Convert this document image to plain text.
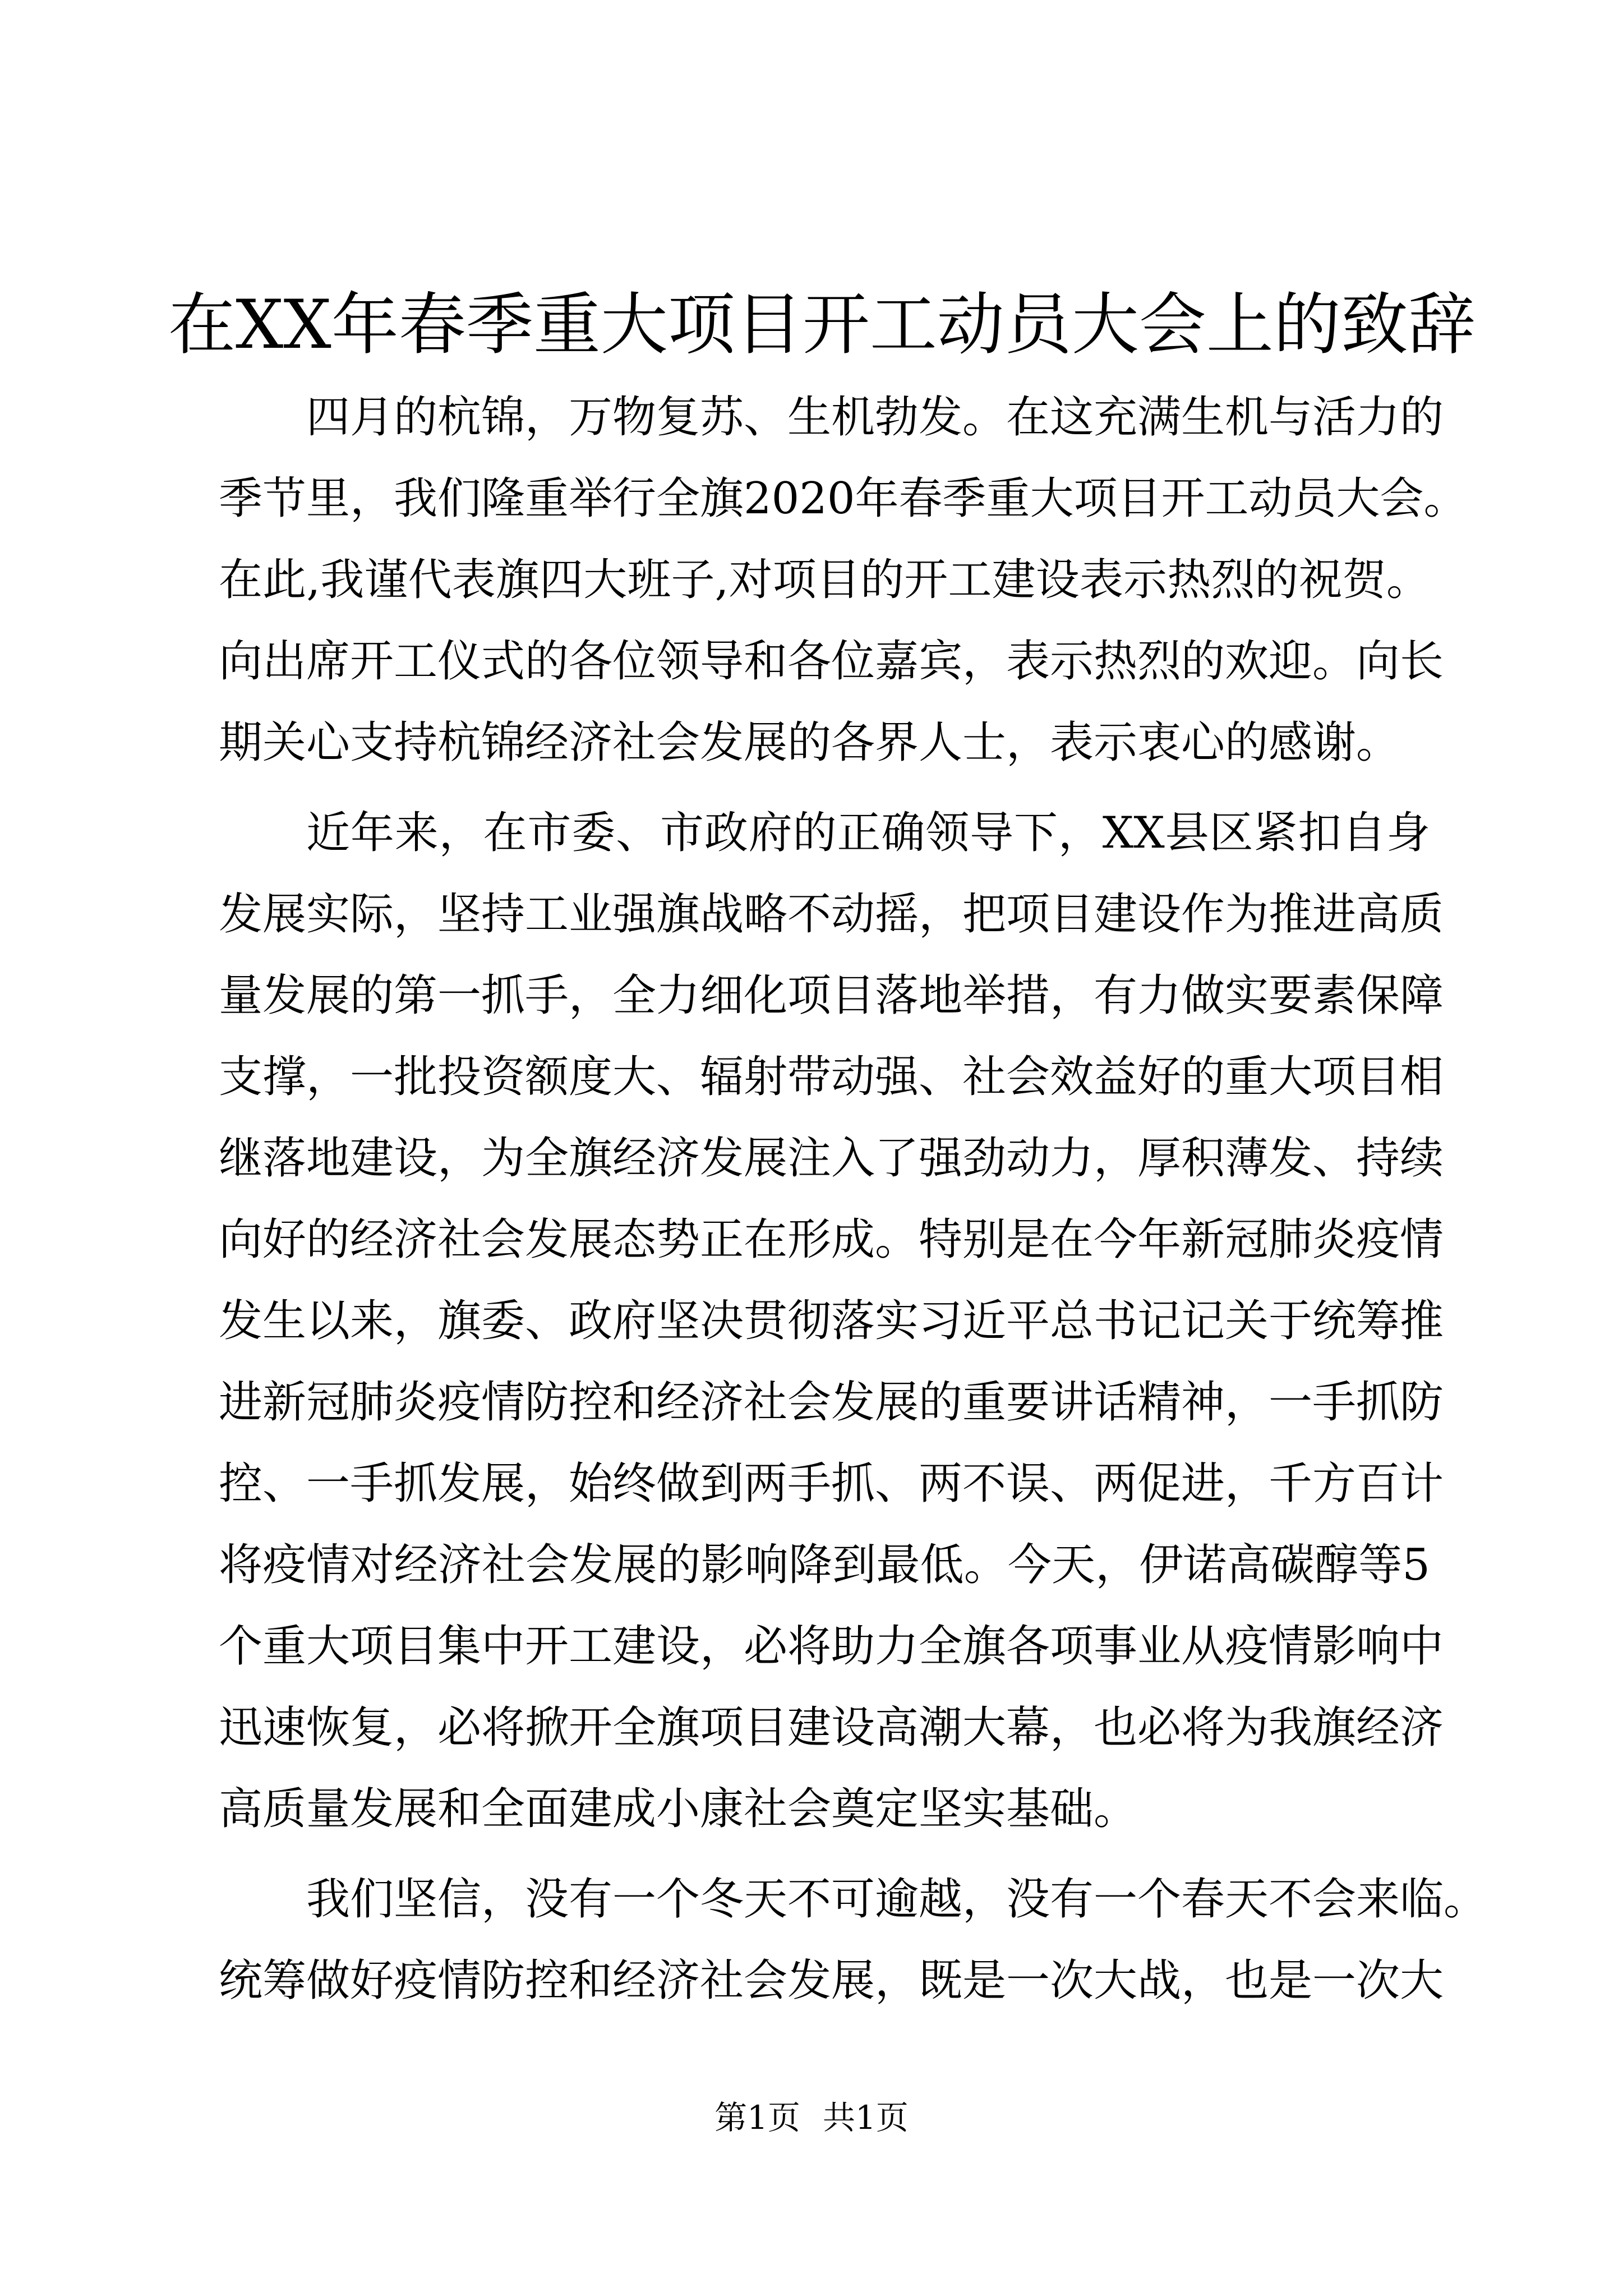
在XX年春季重大项目开工动员大会上的致辞
四月的杭锦，万物复苏、生机勃发。在这充满生机与活力的
季节里，我们隆重举行全旗2020年春季重大项目开工动员大会。
在此,我谨代表旗四大班子,对项目的开工建设表示热烈的祝贺。
向出席开工仪式的各位领导和各位嘉宾，表示热烈的欢迎。向长
期关心支持杭锦经济社会发展的各界人士，表示衷心的感谢。
近年来，在市委、市政府的正确领导下，XX县区紧扣自身
发展实际，坚持工业强旗战略不动摇，把项目建设作为推进高质
量发展的第一抓手，全力细化项目落地举措，有力做实要素保障
支撑，一批投资额度大、辐射带动强、社会效益好的重大项目相
继落地建设，为全旗经济发展注入了强劲动力，厚积薄发、持续
向好的经济社会发展态势正在形成。特别是在今年新冠肺炎疫情
发生以来，旗委、政府坚决贯彻落实习近平总书记记关于统筹推
进新冠肺炎疫情防控和经济社会发展的重要讲话精神，一手抓防
控、一手抓发展，始终做到两手抓、两不误、两促进，千方百计
将疫情对经济社会发展的影响降到最低。今天，伊诺高碳醇等5
个重大项目集中开工建设，必将助力全旗各项事业从疫情影响中
迅速恢复，必将掀开全旗项目建设高潮大幕，也必将为我旗经济
高质量发展和全面建成小康社会奠定坚实基础。
我们坚信，没有一个冬天不可逾越，没有一个春天不会来临。
统筹做好疫情防控和经济社会发展，既是一次大战，也是一次大
第1页 共1页
